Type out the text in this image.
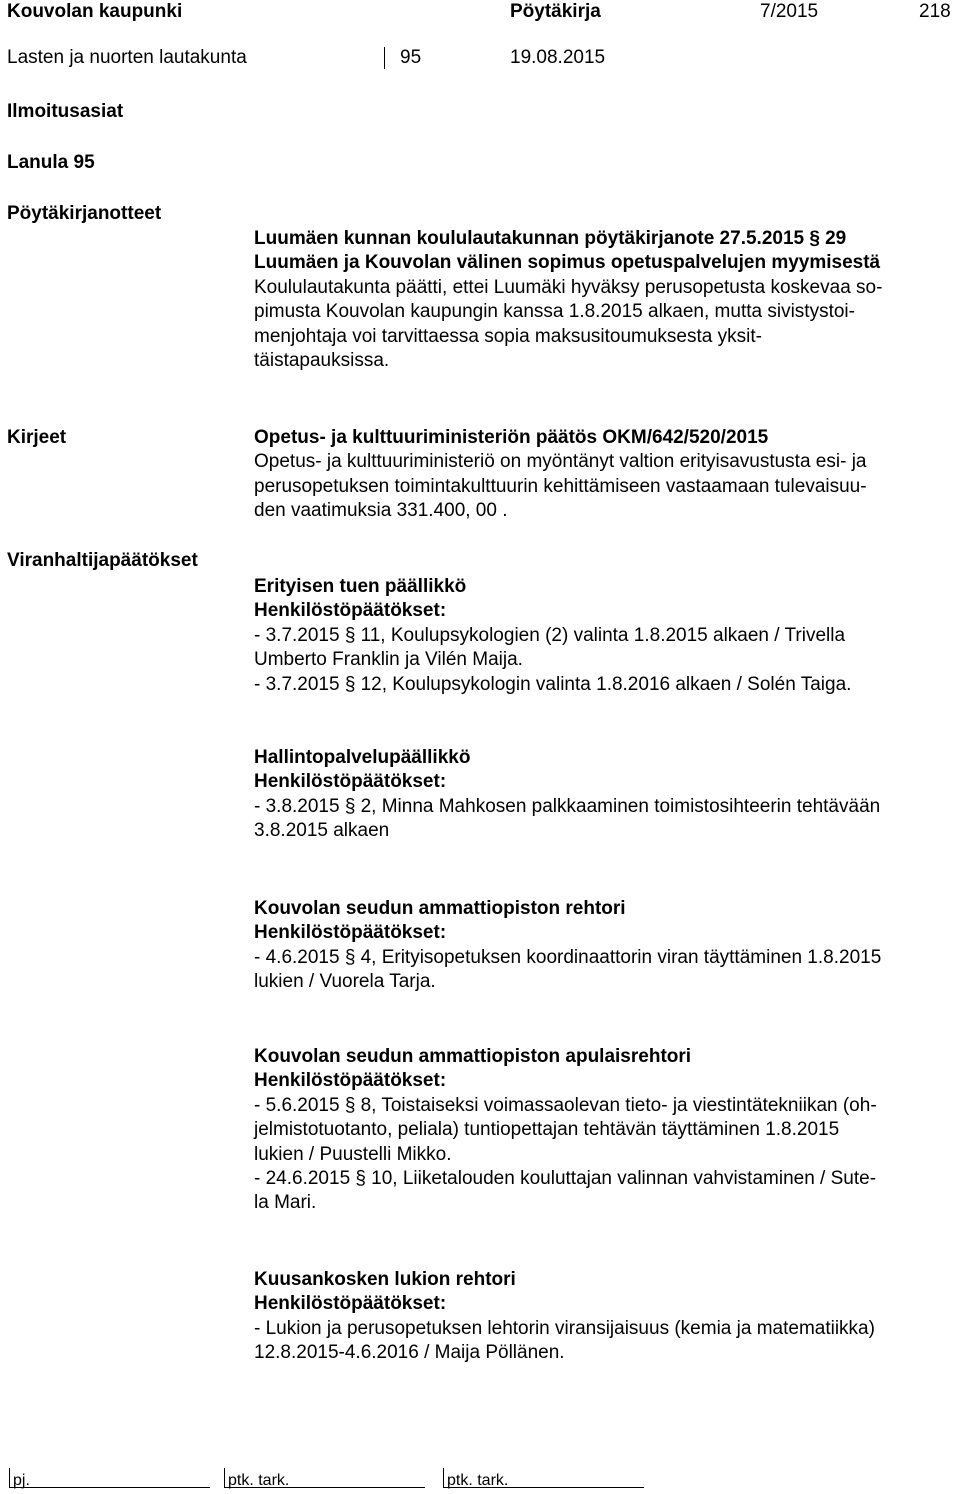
Kouvolan kaupunki	Pöytäkirja	7/2015	218
Lasten ja nuorten lautakunta	95	19.08.2015
Ilmoitusasiat
Lanula 95
Pöytäkirjanotteet
Luumäen kunnan koululautakunnan pöytäkirjanote 27.5.2015 § 29
Luumäen ja Kouvolan välinen sopimus opetuspalvelujen myymisestä
Koululautakunta päätti, ettei Luumäki hyväksy perusopetusta koskevaa so-
pimusta Kouvolan kaupungin kanssa 1.8.2015 alkaen, mutta sivistystoi-
menjohtaja voi tarvittaessa sopia maksusitoumuksesta yksit-
täistapauksissa.
Kirjeet	Opetus- ja kulttuuriministeriön päätös OKM/642/520/2015
Opetus- ja kulttuuriministeriö on myöntänyt valtion erityisavustusta esi- ja
perusopetuksen toimintakulttuurin kehittämiseen vastaamaan tulevaisuu-
den vaatimuksia 331.400, 00 .
Viranhaltijapäätökset
Erityisen tuen päällikkö
Henkilöstöpäätökset:
- 3.7.2015 § 11, Koulupsykologien (2) valinta 1.8.2015 alkaen / Trivella
Umberto Franklin ja Vilén Maija.
- 3.7.2015 § 12, Koulupsykologin valinta 1.8.2016 alkaen / Solén Taiga.
Hallintopalvelupäällikkö
Henkilöstöpäätökset:
- 3.8.2015 § 2, Minna Mahkosen palkkaaminen toimistosihteerin tehtävään
3.8.2015 alkaen
Kouvolan seudun ammattiopiston rehtori
Henkilöstöpäätökset:
- 4.6.2015 § 4, Erityisopetuksen koordinaattorin viran täyttäminen 1.8.2015
lukien / Vuorela Tarja.
Kouvolan seudun ammattiopiston apulaisrehtori
Henkilöstöpäätökset:
- 5.6.2015 § 8, Toistaiseksi voimassaolevan tieto- ja viestintätekniikan (oh-
jelmistotuotanto, peliala) tuntiopettajan tehtävän täyttäminen 1.8.2015
lukien / Puustelli Mikko.
- 24.6.2015 § 10, Liiketalouden kouluttajan valinnan vahvistaminen / Sute-
la Mari.
Kuusankosken lukion rehtori
Henkilöstöpäätökset:
- Lukion ja perusopetuksen lehtorin viransijaisuus (kemia ja matematiikka)
12.8.2015-4.6.2016 / Maija Pöllänen.
pj.	ptk. tark.	ptk. tark.
